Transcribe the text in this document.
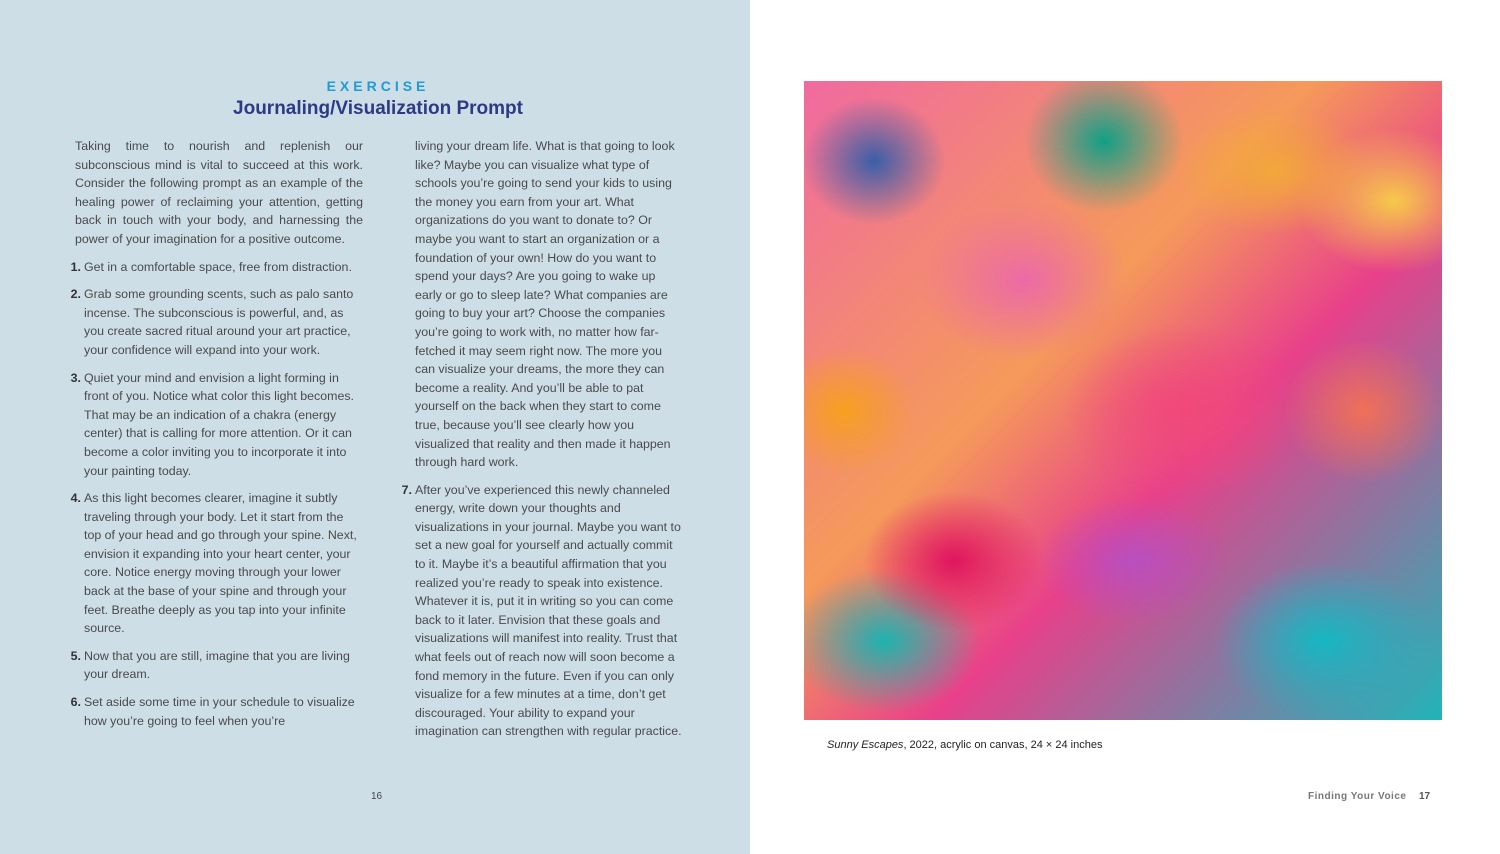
EXERCISE
Journaling/Visualization Prompt

Taking time to nourish and replenish our subconscious mind is vital to succeed at this work. Consider the following prompt as an example of the healing power of reclaiming your attention, getting back in touch with your body, and harnessing the power of your imagination for a positive outcome.

1. Get in a comfortable space, free from distraction.
2. Grab some grounding scents, such as palo santo incense. The subconscious is powerful, and, as you create sacred ritual around your art practice, your confidence will expand into your work.
3. Quiet your mind and envision a light forming in front of you. Notice what color this light becomes. That may be an indication of a chakra (energy center) that is calling for more attention. Or it can become a color inviting you to incorporate it into your painting today.
4. As this light becomes clearer, imagine it subtly traveling through your body. Let it start from the top of your head and go through your spine. Next, envision it expanding into your heart center, your core. Notice energy moving through your lower back at the base of your spine and through your feet. Breathe deeply as you tap into your infinite source.
5. Now that you are still, imagine that you are living your dream.
6. Set aside some time in your schedule to visualize how you’re going to feel when you’re

living your dream life. What is that going to look like? Maybe you can visualize what type of schools you’re going to send your kids to using the money you earn from your art. What organizations do you want to donate to? Or maybe you want to start an organization or a foundation of your own! How do you want to spend your days? Are you going to wake up early or go to sleep late? What companies are going to buy your art? Choose the companies you’re going to work with, no matter how far-fetched it may seem right now. The more you can visualize your dreams, the more they can become a reality. And you’ll be able to pat yourself on the back when they start to come true, because you’ll see clearly how you visualized that reality and then made it happen through hard work.

7. After you’ve experienced this newly channeled energy, write down your thoughts and visualizations in your journal. Maybe you want to set a new goal for yourself and actually commit to it. Maybe it’s a beautiful affirmation that you realized you’re ready to speak into existence. Whatever it is, put it in writing so you can come back to it later. Envision that these goals and visualizations will manifest into reality. Trust that what feels out of reach now will soon become a fond memory in the future. Even if you can only visualize for a few minutes at a time, don’t get discouraged. Your ability to expand your imagination can strengthen with regular practice.
16
Sunny Escapes, 2022, acrylic on canvas, 24 × 24 inches
Finding Your Voice 17
